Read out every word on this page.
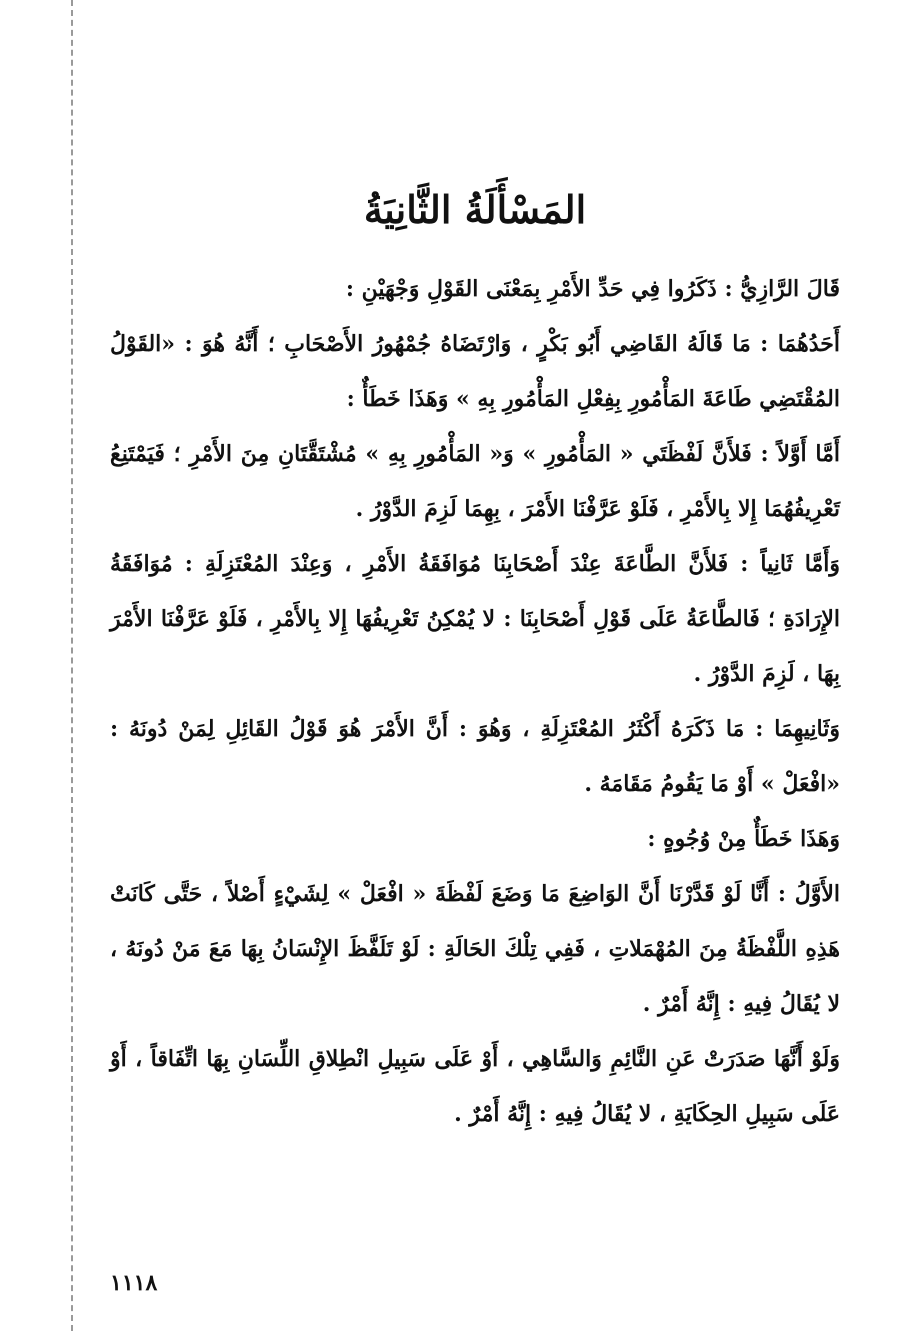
المَسْأَلَةُ الثَّانِيَةُ

قَالَ الرَّازِيُّ : ذَكَرُوا فِي حَدِّ الأَمْرِ بِمَعْنَى القَوْلِ وَجْهَيْنِ :

أَحَدُهُمَا : مَا قَالَهُ القَاضِي أَبُو بَكْرٍ ، وَارْتَضَاهُ جُمْهُورُ الأَصْحَابِ ؛ أَنَّهُ هُوَ : «القَوْلُ المُقْتَضِي طَاعَةَ المَأْمُورِ بِفِعْلِ المَأْمُورِ بِهِ » وَهَذَا خَطَأٌ :

أَمَّا أَوَّلاً : فَلأَنَّ لَفْظَتَي « المَأْمُورِ » وَ« المَأْمُورِ بِهِ » مُشْتَقَّتَانِ مِنَ الأَمْرِ ؛ فَيَمْتَنِعُ تَعْرِيفُهُمَا إِلا بِالأَمْرِ ، فَلَوْ عَرَّفْنَا الأَمْرَ ، بِهِمَا لَزِمَ الدَّوْرُ .

وَأَمَّا ثَانِياً : فَلأَنَّ الطَّاعَةَ عِنْدَ أَصْحَابِنَا مُوَافَقَةُ الأَمْرِ ، وَعِنْدَ المُعْتَزِلَةِ : مُوَافَقَةُ الإِرَادَةِ ؛ فَالطَّاعَةُ عَلَى قَوْلِ أَصْحَابِنَا : لا يُمْكِنُ تَعْرِيفُهَا إِلا بِالأَمْرِ ، فَلَوْ عَرَّفْنَا الأَمْرَ بِهَا ، لَزِمَ الدَّوْرُ .

وَثَانِيهِمَا : مَا ذَكَرَهُ أَكْثَرُ المُعْتَزِلَةِ ، وَهُوَ : أَنَّ الأَمْرَ هُوَ قَوْلُ القَائِلِ لِمَنْ دُونَهُ : «افْعَلْ » أَوْ مَا يَقُومُ مَقَامَهُ .

وَهَذَا خَطَأٌ مِنْ وُجُوهٍ :

الأَوَّلُ : أَنَّا لَوْ قَدَّرْنَا أَنَّ الوَاضِعَ مَا وَضَعَ لَفْظَةَ « افْعَلْ » لِشَيْءٍ أَصْلاً ، حَتَّى كَانَتْ هَذِهِ اللَّفْظَةُ مِنَ المُهْمَلاتِ ، فَفِي تِلْكَ الحَالَةِ : لَوْ تَلَفَّظَ الإِنْسَانُ بِهَا مَعَ مَنْ دُونَهُ ، لا يُقَالُ فِيهِ : إِنَّهُ أَمْرٌ .

وَلَوْ أَنَّهَا صَدَرَتْ عَنِ النَّائِمِ وَالسَّاهِي ، أَوْ عَلَى سَبِيلِ انْطِلاقِ اللِّسَانِ بِهَا اتِّفَاقاً ، أَوْ عَلَى سَبِيلِ الحِكَايَةِ ، لا يُقَالُ فِيهِ : إِنَّهُ أَمْرٌ .

١١١٨
